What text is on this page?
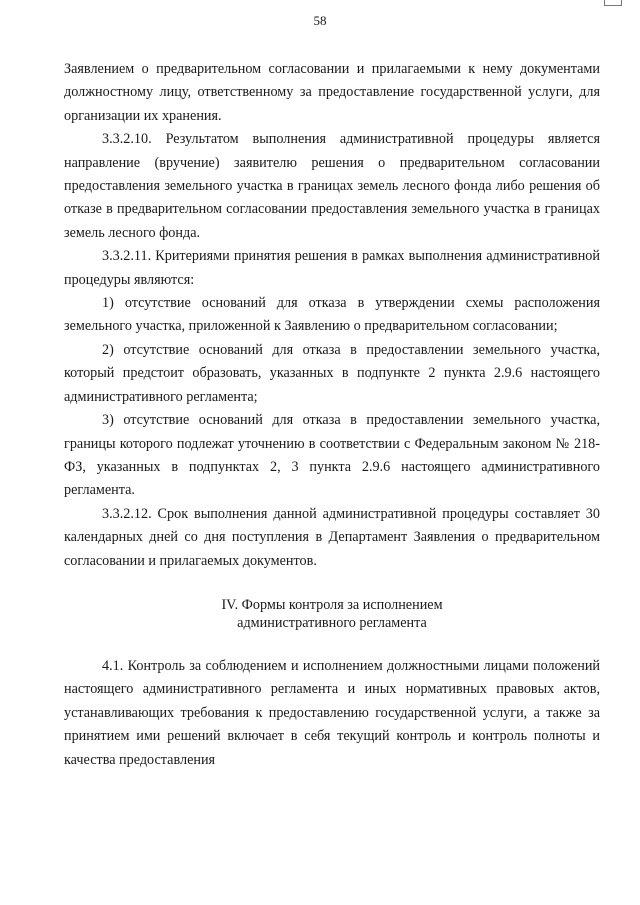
58

Заявлением о предварительном согласовании и прилагаемыми к нему документами должностному лицу, ответственному за предоставление государственной услуги, для организации их хранения.

3.3.2.10. Результатом выполнения административной процедуры является направление (вручение) заявителю решения о предварительном согласовании предоставления земельного участка в границах земель лесного фонда либо решения об отказе в предварительном согласовании предоставления земельного участка в границах земель лесного фонда.

3.3.2.11. Критериями принятия решения в рамках выполнения административной процедуры являются:

1) отсутствие оснований для отказа в утверждении схемы расположения земельного участка, приложенной к Заявлению о предварительном согласовании;

2) отсутствие оснований для отказа в предоставлении земельного участка, который предстоит образовать, указанных в подпункте 2 пункта 2.9.6 настоящего административного регламента;

3) отсутствие оснований для отказа в предоставлении земельного участка, границы которого подлежат уточнению в соответствии с Федеральным законом № 218-ФЗ, указанных в подпунктах 2, 3 пункта 2.9.6 настоящего административного регламента.

3.3.2.12. Срок выполнения данной административной процедуры составляет 30 календарных дней со дня поступления в Департамент Заявления о предварительном согласовании и прилагаемых документов.

IV. Формы контроля за исполнением
административного регламента

4.1. Контроль за соблюдением и исполнением должностными лицами положений настоящего административного регламента и иных нормативных правовых актов, устанавливающих требования к предоставлению государственной услуги, а также за принятием ими решений включает в себя текущий контроль и контроль полноты и качества предоставления
